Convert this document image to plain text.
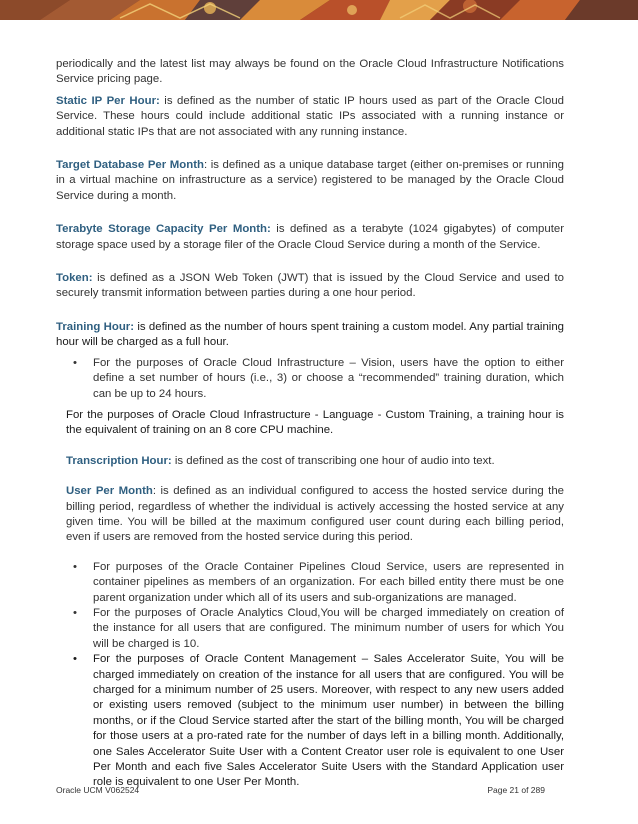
periodically and the latest list may always be found on the Oracle Cloud Infrastructure Notifications Service pricing page.

Static IP Per Hour: is defined as the number of static IP hours used as part of the Oracle Cloud Service. These hours could include additional static IPs associated with a running instance or additional static IPs that are not associated with any running instance.

Target Database Per Month: is defined as a unique database target (either on-premises or running in a virtual machine on infrastructure as a service) registered to be managed by the Oracle Cloud Service during a month.

Terabyte Storage Capacity Per Month: is defined as a terabyte (1024 gigabytes) of computer storage space used by a storage filer of the Oracle Cloud Service during a month of the Service.

Token: is defined as a JSON Web Token (JWT) that is issued by the Cloud Service and used to securely transmit information between parties during a one hour period.

Training Hour: is defined as the number of hours spent training a custom model. Any partial training hour will be charged as a full hour.

• For the purposes of Oracle Cloud Infrastructure – Vision, users have the option to either define a set number of hours (i.e., 3) or choose a “recommended” training duration, which can be up to 24 hours.

For the purposes of Oracle Cloud Infrastructure - Language - Custom Training, a training hour is the equivalent of training on an 8 core CPU machine.

Transcription Hour: is defined as the cost of transcribing one hour of audio into text.

User Per Month: is defined as an individual configured to access the hosted service during the billing period, regardless of whether the individual is actively accessing the hosted service at any given time. You will be billed at the maximum configured user count during each billing period, even if users are removed from the hosted service during this period.

• For purposes of the Oracle Container Pipelines Cloud Service, users are represented in container pipelines as members of an organization. For each billed entity there must be one parent organization under which all of its users and sub-organizations are managed.
• For the purposes of Oracle Analytics Cloud,You will be charged immediately on creation of the instance for all users that are configured. The minimum number of users for which You will be charged is 10.
• For the purposes of Oracle Content Management – Sales Accelerator Suite, You will be charged immediately on creation of the instance for all users that are configured. You will be charged for a minimum number of 25 users. Moreover, with respect to any new users added or existing users removed (subject to the minimum user number) in between the billing months, or if the Cloud Service started after the start of the billing month, You will be charged for those users at a pro-rated rate for the number of days left in a billing month. Additionally, one Sales Accelerator Suite User with a Content Creator user role is equivalent to one User Per Month and each five Sales Accelerator Suite Users with the Standard Application user role is equivalent to one User Per Month.
Oracle UCM V062524	Page 21 of 289
